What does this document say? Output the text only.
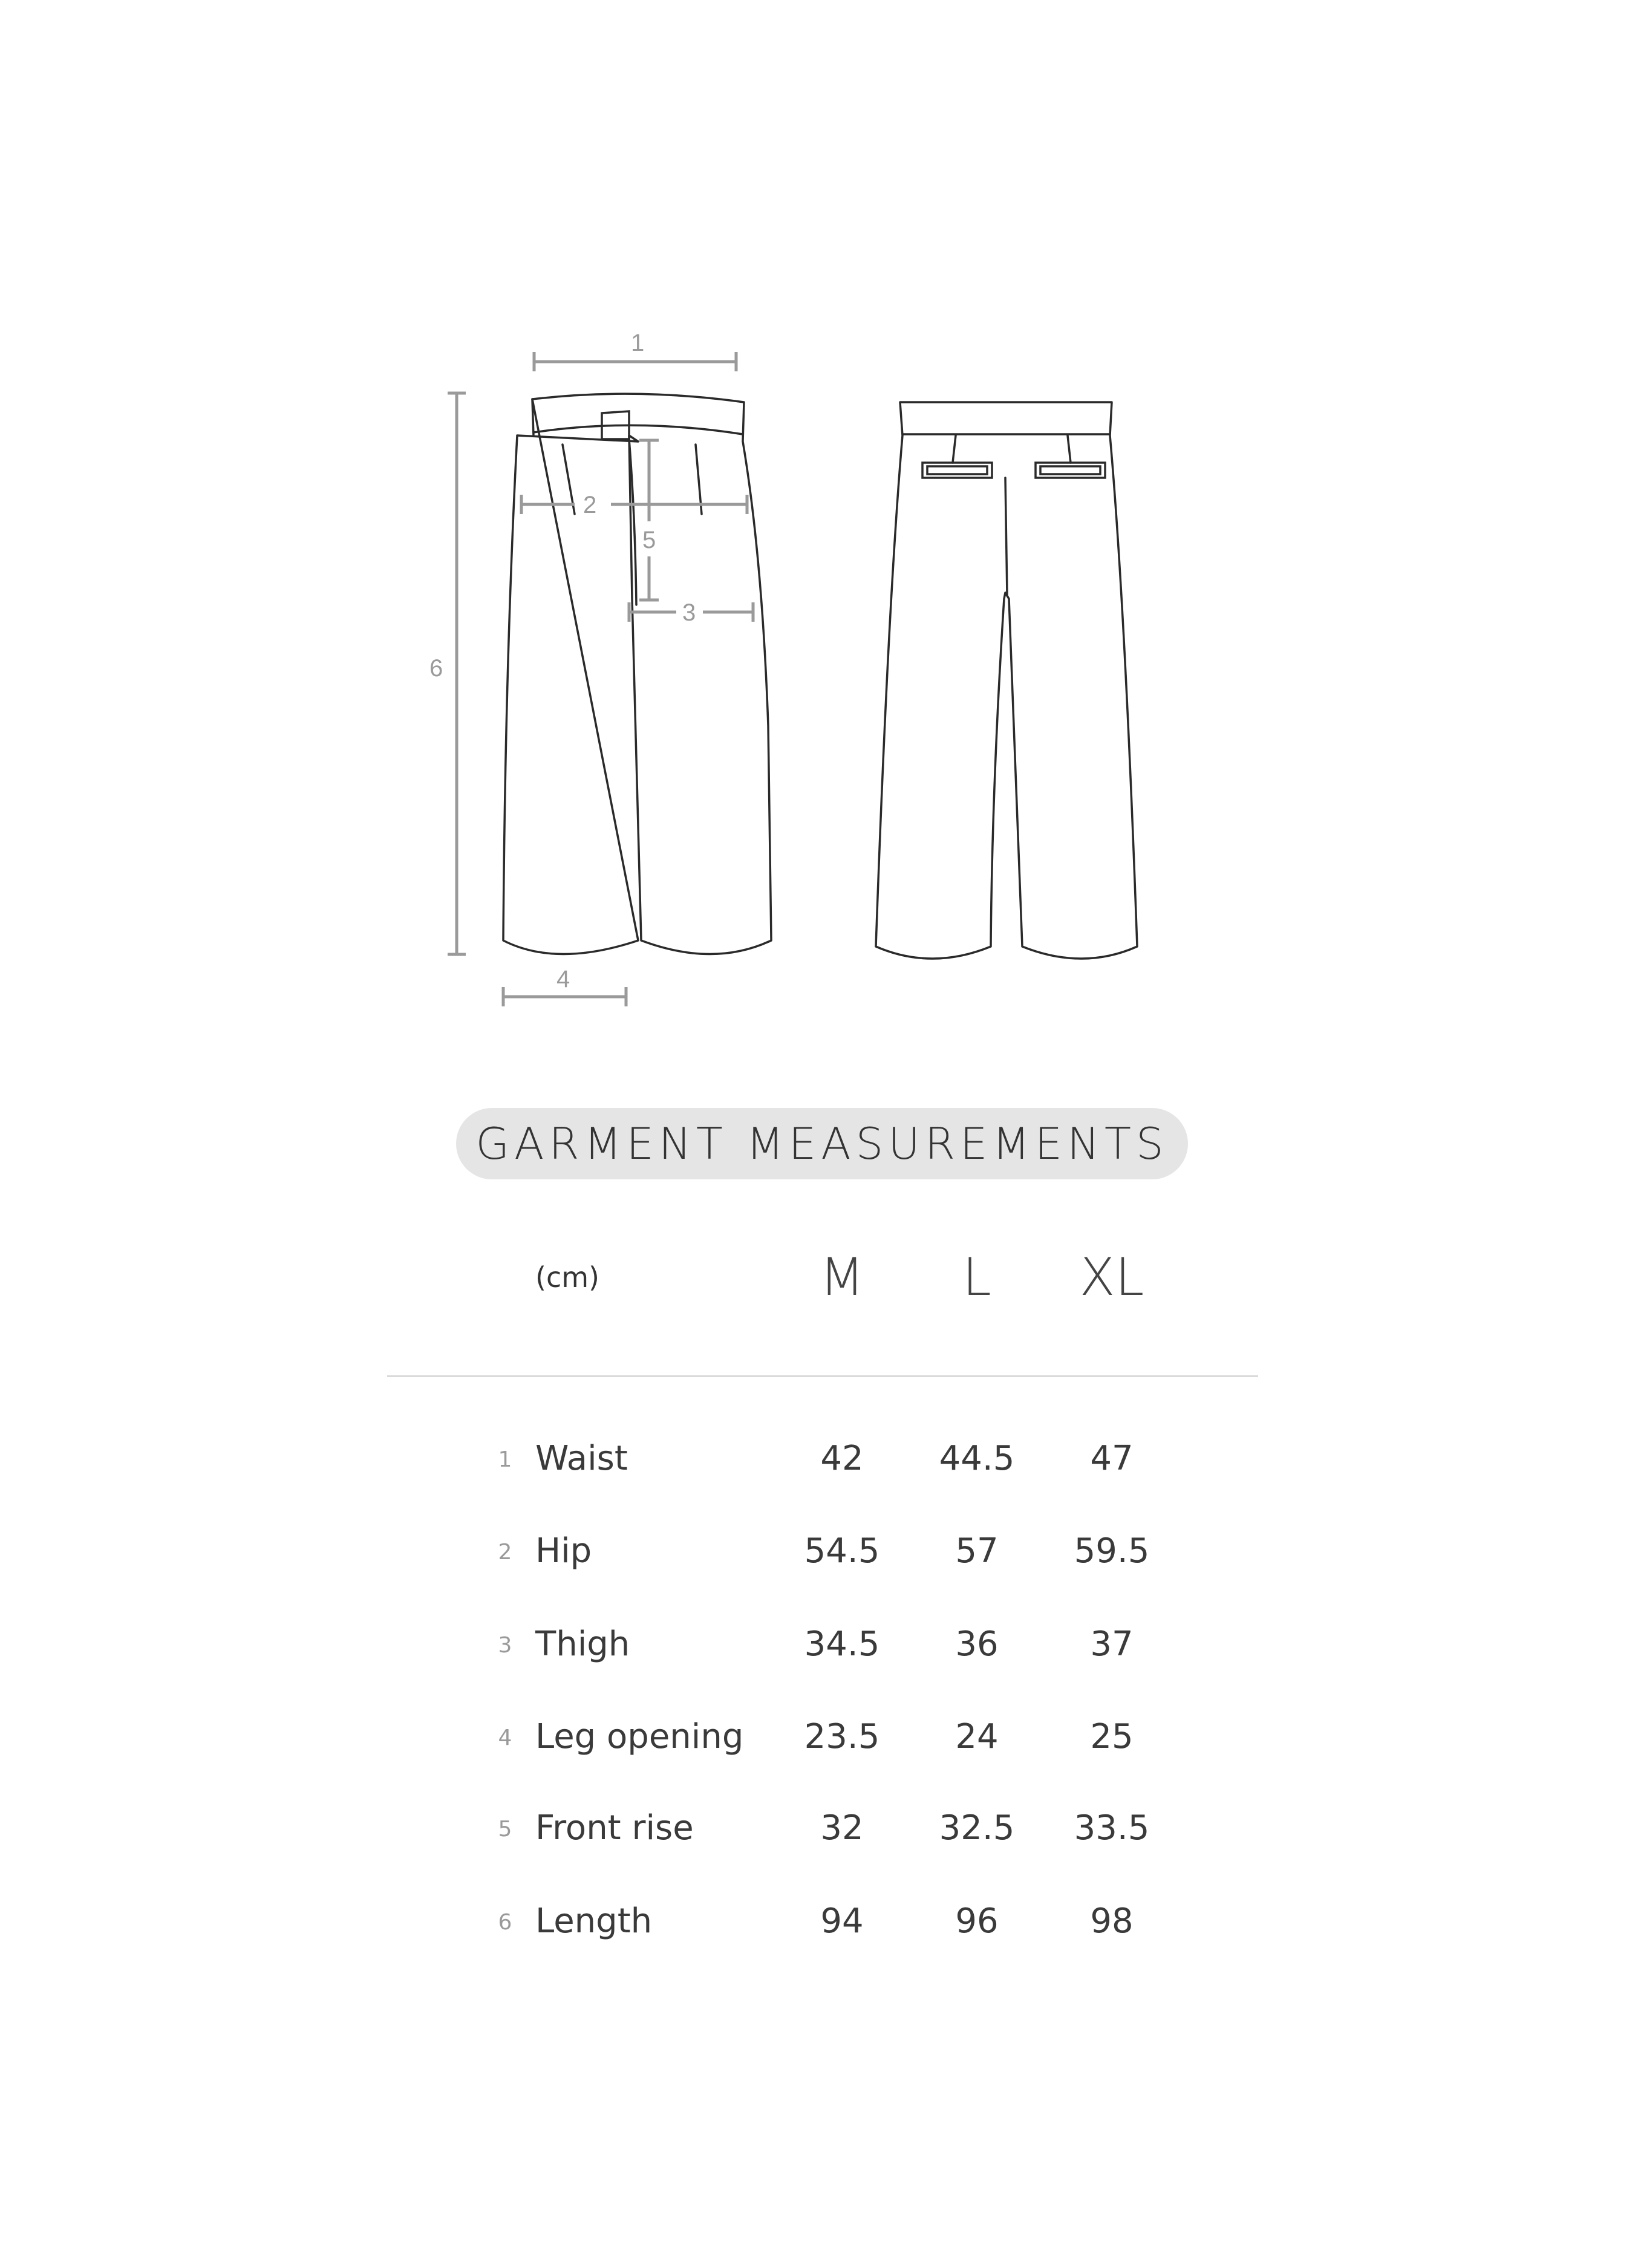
1
2
5
3
6
4
GARMENT MEASUREMENTS
(cm)	M	L	XL
1 Waist	42	44.5	47
2 Hip	54.5	57	59.5
3 Thigh	34.5	36	37
4 Leg opening	23.5	24	25
5 Front rise	32	32.5	33.5
6 Length	94	96	98
